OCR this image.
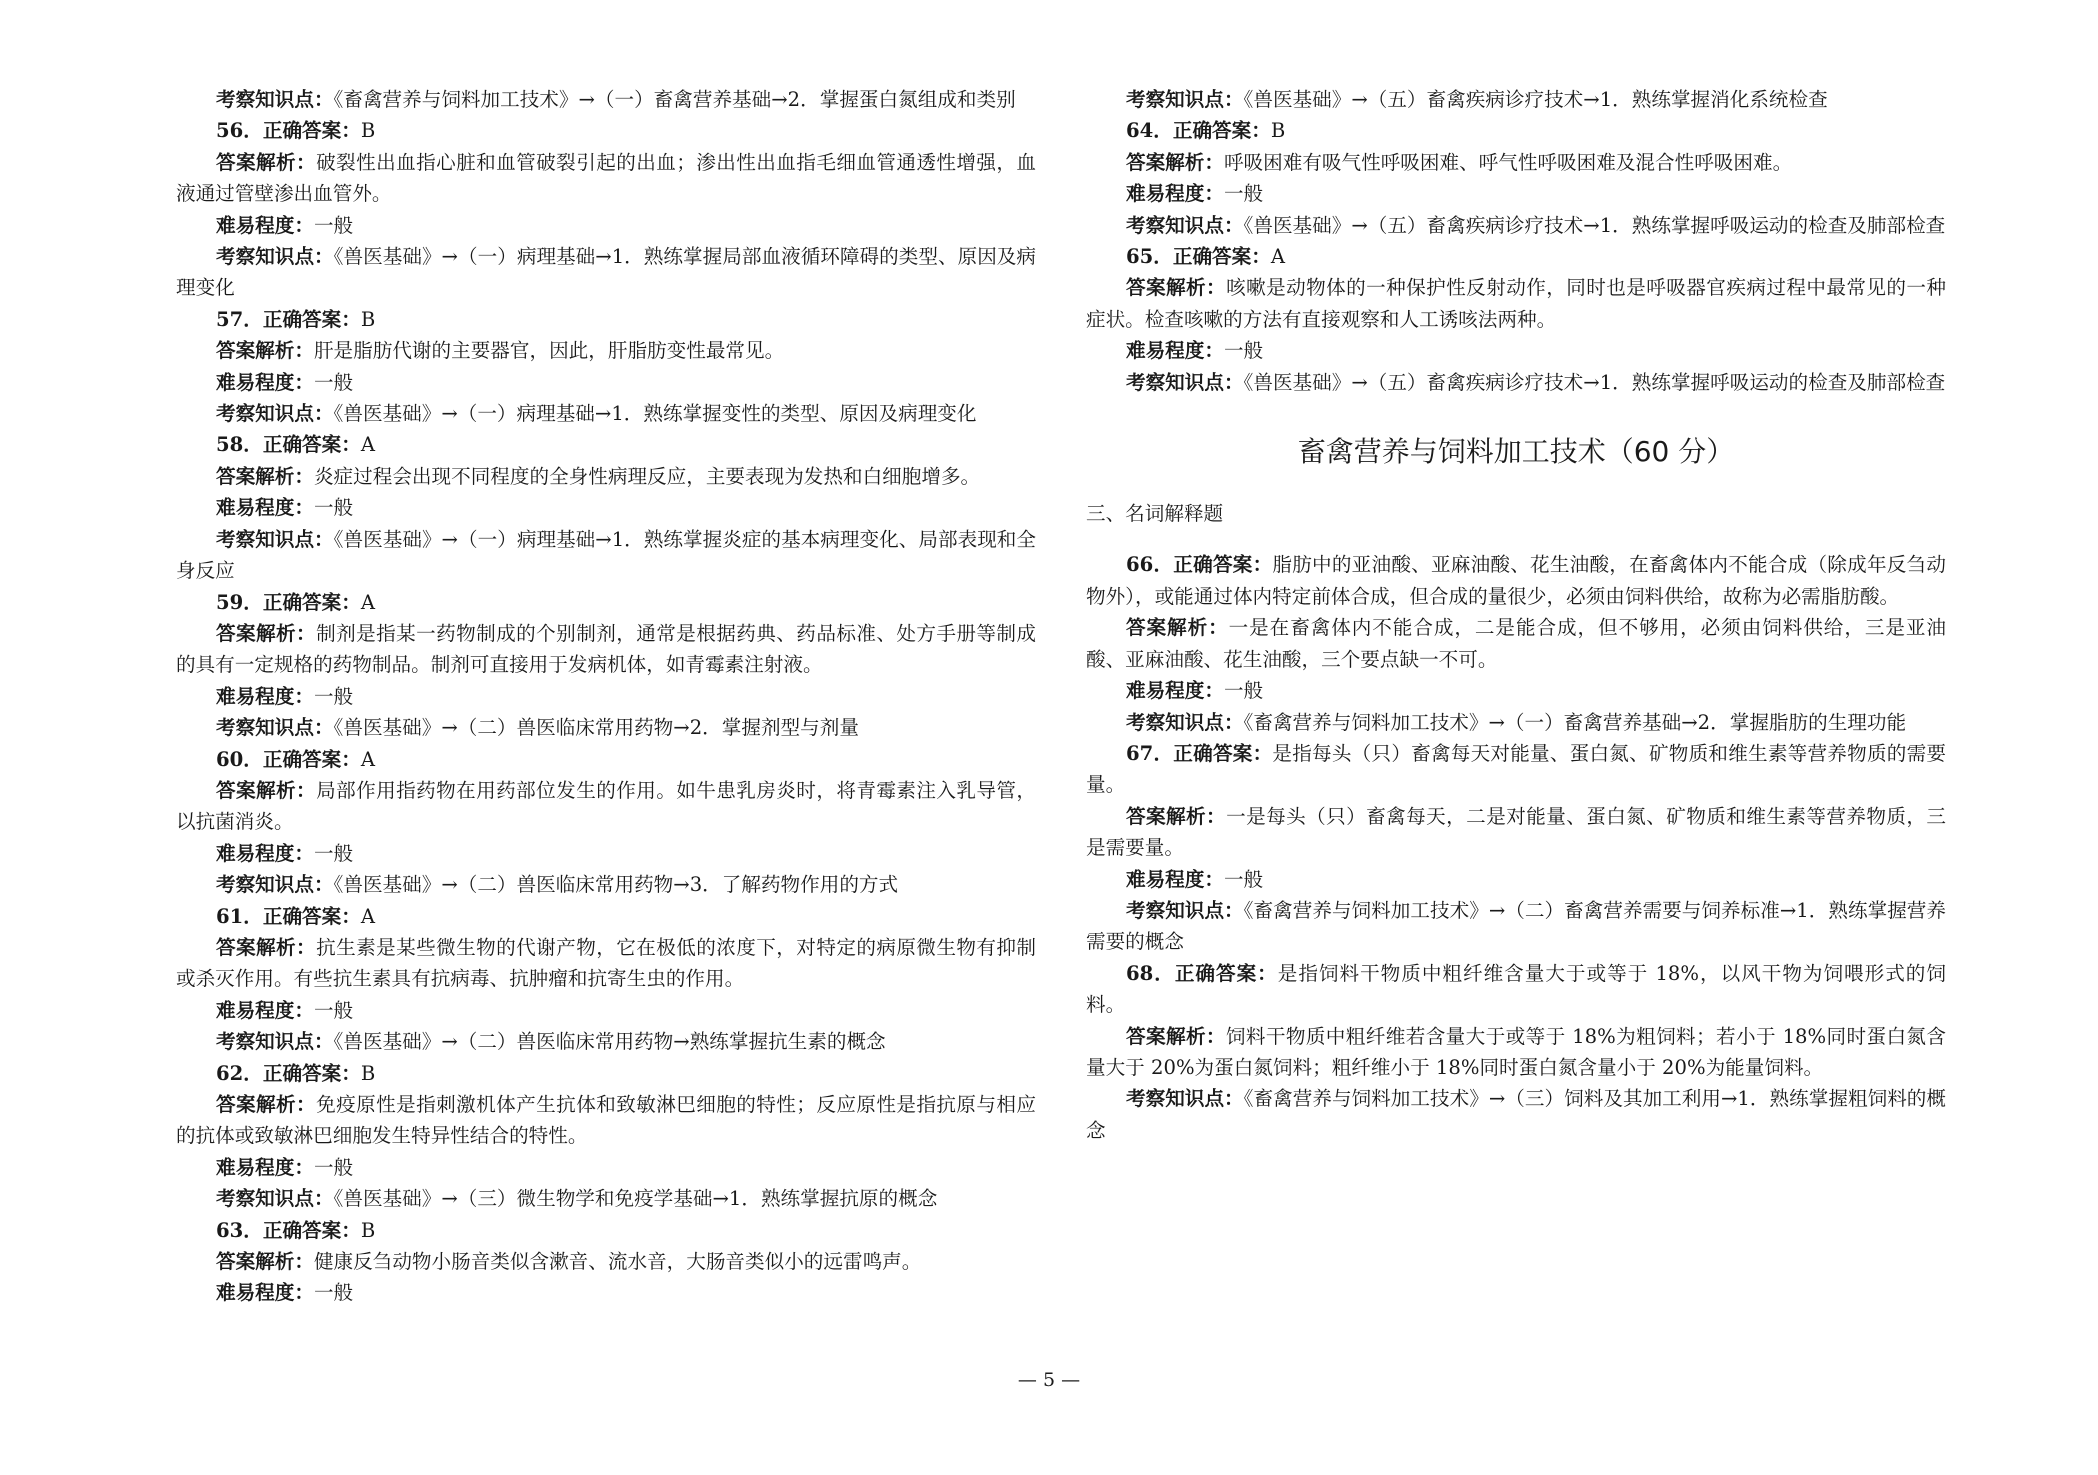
考察知识点：《畜禽营养与饲料加工技术》→（一）畜禽营养基础→2．掌握蛋白氮组成和类别

56．正确答案：B

答案解析：破裂性出血指心脏和血管破裂引起的出血；渗出性出血指毛细血管通透性增强，血液通过管壁渗出血管外。

难易程度：一般

考察知识点：《兽医基础》→（一）病理基础→1．熟练掌握局部血液循环障碍的类型、原因及病理变化

57．正确答案：B

答案解析：肝是脂肪代谢的主要器官，因此，肝脂肪变性最常见。

难易程度：一般

考察知识点：《兽医基础》→（一）病理基础→1．熟练掌握变性的类型、原因及病理变化

58．正确答案：A

答案解析：炎症过程会出现不同程度的全身性病理反应，主要表现为发热和白细胞增多。

难易程度：一般

考察知识点：《兽医基础》→（一）病理基础→1．熟练掌握炎症的基本病理变化、局部表现和全身反应

59．正确答案：A

答案解析：制剂是指某一药物制成的个别制剂，通常是根据药典、药品标准、处方手册等制成的具有一定规格的药物制品。制剂可直接用于发病机体，如青霉素注射液。

难易程度：一般

考察知识点：《兽医基础》→（二）兽医临床常用药物→2．掌握剂型与剂量

60．正确答案：A

答案解析：局部作用指药物在用药部位发生的作用。如牛患乳房炎时，将青霉素注入乳导管，以抗菌消炎。

难易程度：一般

考察知识点：《兽医基础》→（二）兽医临床常用药物→3．了解药物作用的方式

61．正确答案：A

答案解析：抗生素是某些微生物的代谢产物，它在极低的浓度下，对特定的病原微生物有抑制或杀灭作用。有些抗生素具有抗病毒、抗肿瘤和抗寄生虫的作用。

难易程度：一般

考察知识点：《兽医基础》→（二）兽医临床常用药物→熟练掌握抗生素的概念

62．正确答案：B

答案解析：免疫原性是指刺激机体产生抗体和致敏淋巴细胞的特性；反应原性是指抗原与相应的抗体或致敏淋巴细胞发生特异性结合的特性。

难易程度：一般

考察知识点：《兽医基础》→（三）微生物学和免疫学基础→1．熟练掌握抗原的概念

63．正确答案：B

答案解析：健康反刍动物小肠音类似含漱音、流水音，大肠音类似小的远雷鸣声。

难易程度：一般

考察知识点：《兽医基础》→（五）畜禽疾病诊疗技术→1．熟练掌握消化系统检查

64．正确答案：B

答案解析：呼吸困难有吸气性呼吸困难、呼气性呼吸困难及混合性呼吸困难。

难易程度：一般

考察知识点：《兽医基础》→（五）畜禽疾病诊疗技术→1．熟练掌握呼吸运动的检查及肺部检查

65．正确答案：A

答案解析：咳嗽是动物体的一种保护性反射动作，同时也是呼吸器官疾病过程中最常见的一种症状。检查咳嗽的方法有直接观察和人工诱咳法两种。

难易程度：一般

考察知识点：《兽医基础》→（五）畜禽疾病诊疗技术→1．熟练掌握呼吸运动的检查及肺部检查

畜禽营养与饲料加工技术（60 分）
三、名词解释题

66．正确答案：脂肪中的亚油酸、亚麻油酸、花生油酸，在畜禽体内不能合成（除成年反刍动物外），或能通过体内特定前体合成，但合成的量很少，必须由饲料供给，故称为必需脂肪酸。

答案解析：一是在畜禽体内不能合成，二是能合成，但不够用，必须由饲料供给，三是亚油酸、亚麻油酸、花生油酸，三个要点缺一不可。

难易程度：一般

考察知识点：《畜禽营养与饲料加工技术》→（一）畜禽营养基础→2．掌握脂肪的生理功能

67．正确答案：是指每头（只）畜禽每天对能量、蛋白氮、矿物质和维生素等营养物质的需要量。

答案解析：一是每头（只）畜禽每天，二是对能量、蛋白氮、矿物质和维生素等营养物质，三是需要量。

难易程度：一般

考察知识点：《畜禽营养与饲料加工技术》→（二）畜禽营养需要与饲养标准→1．熟练掌握营养需要的概念

68．正确答案：是指饲料干物质中粗纤维含量大于或等于 18%，以风干物为饲喂形式的饲料。

答案解析：饲料干物质中粗纤维若含量大于或等于 18%为粗饲料；若小于 18%同时蛋白氮含量大于 20%为蛋白氮饲料；粗纤维小于 18%同时蛋白氮含量小于 20%为能量饲料。

考察知识点：《畜禽营养与饲料加工技术》→（三）饲料及其加工利用→1．熟练掌握粗饲料的概念

— 5 —
